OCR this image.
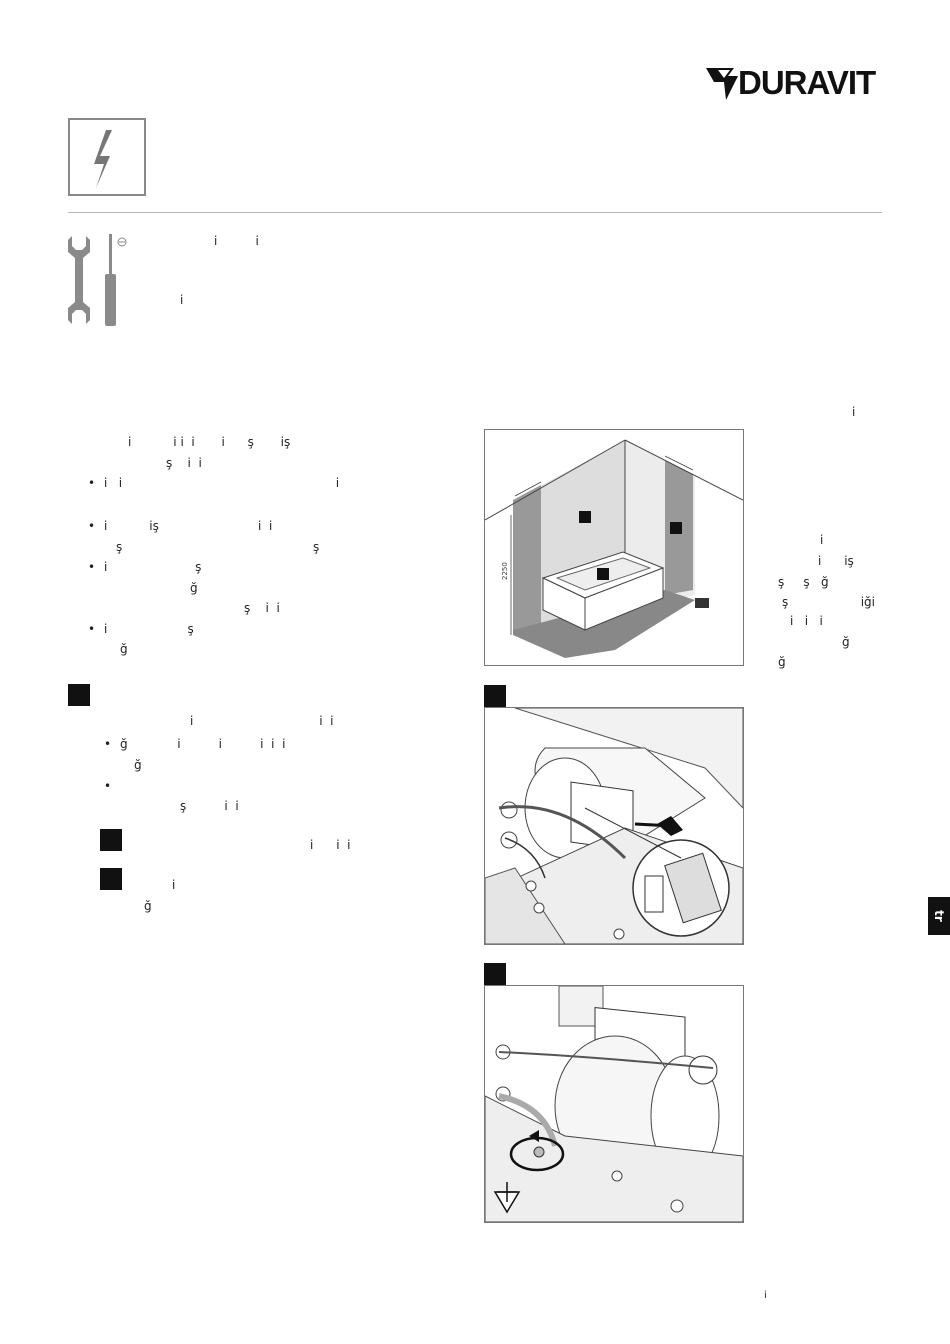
DURAVIT
i          i
i
i
i           i i  i       i      ş       iş
ş    i  i
• i   i                                                        i
• i           iş                          i  i
ş                                                  ş
• i                       ş
ğ
ş    i  i
• i                     ş
ğ
i                                 i  i
• ğ             i          i          i  i  i
ğ
ş          i  i
i      i  i
i
ğ
i
i      iş
ş     ş   ğ
ş                   iği
i   i   i
ğ
ğ
2250
tr
i
